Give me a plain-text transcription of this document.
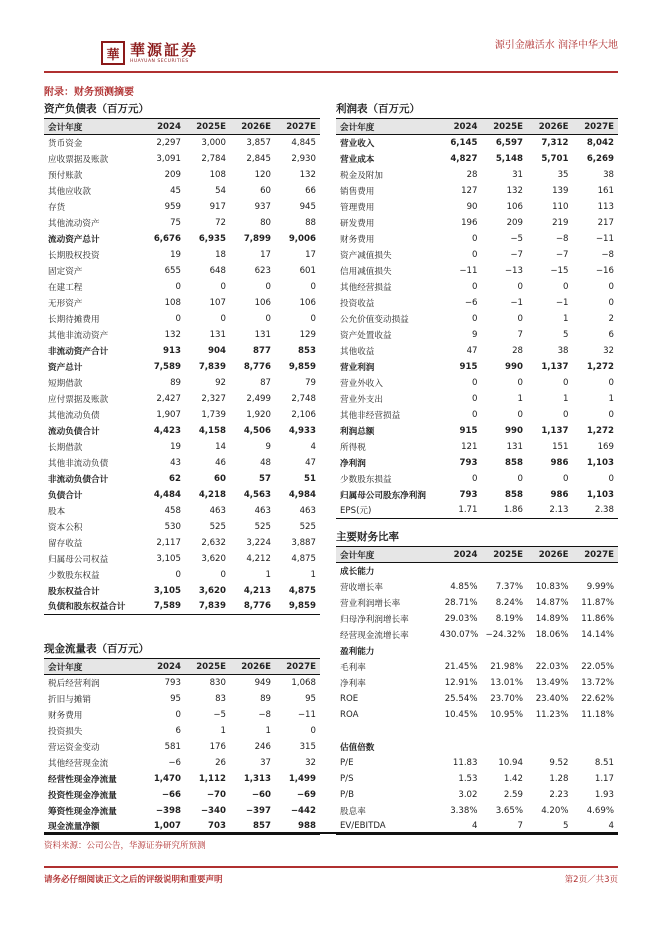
華 華源証券
HUAYUAN SECURITIES
源引金融活水 润泽中华大地
附录：财务预测摘要
资产负债表（百万元）
会计年度	2024	2025E	2026E	2027E
货币资金	2,297	3,000	3,857	4,845
应收票据及账款	3,091	2,784	2,845	2,930
预付账款	209	108	120	132
其他应收款	45	54	60	66
存货	959	917	937	945
其他流动资产	75	72	80	88
流动资产总计	6,676	6,935	7,899	9,006
长期股权投资	19	18	17	17
固定资产	655	648	623	601
在建工程	0	0	0	0
无形资产	108	107	106	106
长期待摊费用	0	0	0	0
其他非流动资产	132	131	131	129
非流动资产合计	913	904	877	853
资产总计	7,589	7,839	8,776	9,859
短期借款	89	92	87	79
应付票据及账款	2,427	2,327	2,499	2,748
其他流动负债	1,907	1,739	1,920	2,106
流动负债合计	4,423	4,158	4,506	4,933
长期借款	19	14	9	4
其他非流动负债	43	46	48	47
非流动负债合计	62	60	57	51
负债合计	4,484	4,218	4,563	4,984
股本	458	463	463	463
资本公积	530	525	525	525
留存收益	2,117	2,632	3,224	3,887
归属母公司权益	3,105	3,620	4,212	4,875
少数股东权益	0	0	1	1
股东权益合计	3,105	3,620	4,213	4,875
负债和股东权益合计	7,589	7,839	8,776	9,859
利润表（百万元）
会计年度	2024	2025E	2026E	2027E
营业收入	6,145	6,597	7,312	8,042
营业成本	4,827	5,148	5,701	6,269
税金及附加	28	31	35	38
销售费用	127	132	139	161
管理费用	90	106	110	113
研发费用	196	209	219	217
财务费用	0	−5	−8	−11
资产减值损失	0	−7	−7	−8
信用减值损失	−11	−13	−15	−16
其他经营损益	0	0	0	0
投资收益	−6	−1	−1	0
公允价值变动损益	0	0	1	2
资产处置收益	9	7	5	6
其他收益	47	28	38	32
营业利润	915	990	1,137	1,272
营业外收入	0	0	0	0
营业外支出	0	1	1	1
其他非经营损益	0	0	0	0
利润总额	915	990	1,137	1,272
所得税	121	131	151	169
净利润	793	858	986	1,103
少数股东损益	0	0	0	0
归属母公司股东净利润	793	858	986	1,103
EPS(元)	1.71	1.86	2.13	2.38
主要财务比率
会计年度	2024	2025E	2026E	2027E
成长能力				
营收增长率	4.85%	7.37%	10.83%	9.99%
营业利润增长率	28.71%	8.24%	14.87%	11.87%
归母净利润增长率	29.03%	8.19%	14.89%	11.86%
经营现金流增长率	430.07%	−24.32%	18.06%	14.14%
盈利能力				
毛利率	21.45%	21.98%	22.03%	22.05%
净利率	12.91%	13.01%	13.49%	13.72%
ROE	25.54%	23.70%	23.40%	22.62%
ROA	10.45%	10.95%	11.23%	11.18%

估值倍数				
P/E	11.83	10.94	9.52	8.51
P/S	1.53	1.42	1.28	1.17
P/B	3.02	2.59	2.23	1.93
股息率	3.38%	3.65%	4.20%	4.69%
EV/EBITDA	4	7	5	4
现金流量表（百万元）
会计年度	2024	2025E	2026E	2027E
税后经营利润	793	830	949	1,068
折旧与摊销	95	83	89	95
财务费用	0	−5	−8	−11
投资损失	6	1	1	0
营运资金变动	581	176	246	315
其他经营现金流	−6	26	37	32
经营性现金净流量	1,470	1,112	1,313	1,499
投资性现金净流量	−66	−70	−60	−69
筹资性现金净流量	−398	−340	−397	−442
现金流量净额	1,007	703	857	988
资料来源：公司公告，华源证券研究所预测
请务必仔细阅读正文之后的评级说明和重要声明	第2页／共3页
